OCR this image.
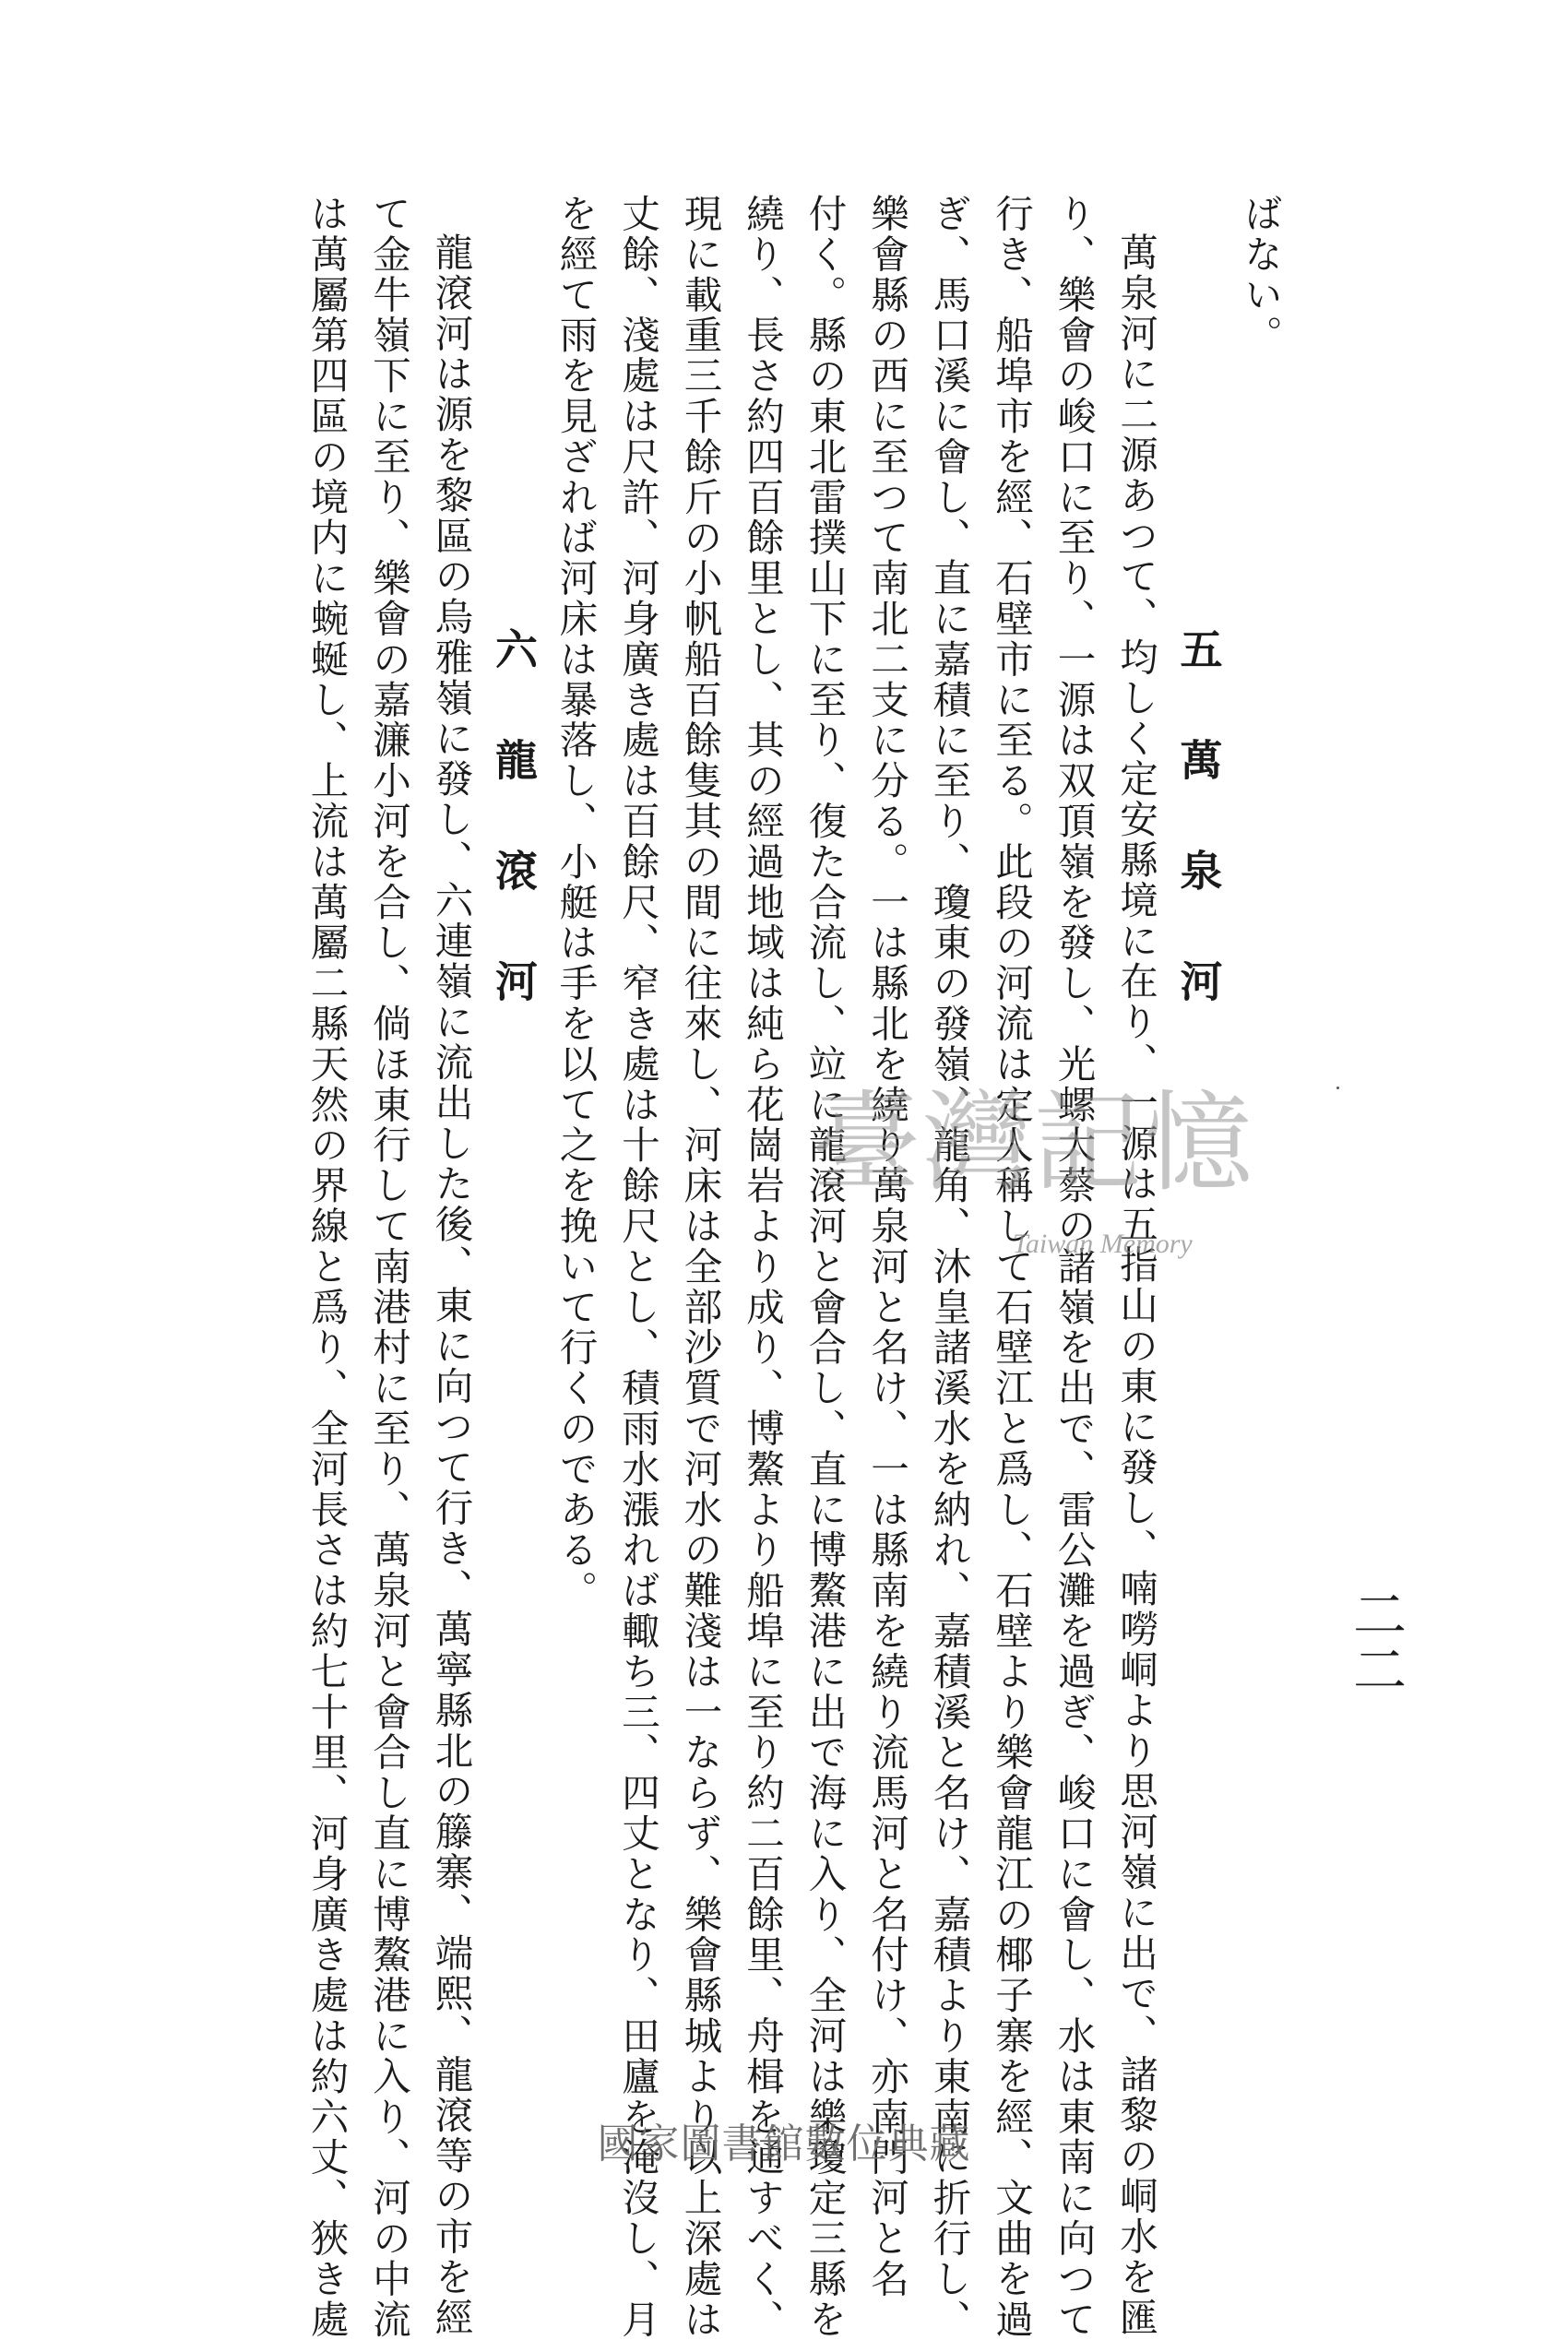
二二
ばない。
五萬泉河
萬泉河に二源あつて、均しく定安縣境に在り、一源は五指山の東に發し、喃嘮峒より思河嶺に出で、諸黎の峒水を匯
り、樂會の峻口に至り、一源は双頂嶺を發し、光螺大蔡の諸嶺を出で、雷公灘を過ぎ、峻口に會し、水は東南に向つて
行き、船埠市を經、石壁市に至る。此段の河流は定人稱して石壁江と爲し、石壁より樂會龍江の椰子寨を經、文曲を過
ぎ、馬口溪に會し、直に嘉積に至り、瓊東の發嶺、龍角、沐皇諸溪水を納れ、嘉積溪と名け、嘉積より東南に折行し、
樂會縣の西に至つて南北二支に分る。一は縣北を繞り萬泉河と名け、一は縣南を繞り流馬河と名付け、亦南門河と名
付く。縣の東北雷撲山下に至り、復た合流し、竝に龍滾河と會合し、直に博鰲港に出で海に入り、全河は樂瓊定三縣を
繞り、長さ約四百餘里とし、其の經過地域は純ら花崗岩より成り、博鰲より船埠に至り約二百餘里、舟楫を通すべく、
現に載重三千餘斤の小帆船百餘隻其の間に往來し、河床は全部沙質で河水の難淺は一ならず、樂會縣城より以上深處は
丈餘、淺處は尺許、河身廣き處は百餘尺、窄き處は十餘尺とし、積雨水漲れば輙ち三、四丈となり、田廬を淹沒し、月
を經て雨を見ざれば河床は暴落し、小艇は手を以て之を挽いて行くのである。
六龍滾河
龍滾河は源を黎區の烏雅嶺に發し、六連嶺に流出した後、東に向つて行き、萬寧縣北の籐寨、端熙、龍滾等の市を經
て金牛嶺下に至り、樂會の嘉濂小河を合し、倘ほ東行して南港村に至り、萬泉河と會合し直に博鰲港に入り、河の中流
は萬屬第四區の境内に蜿蜒し、上流は萬屬二縣天然の界線と爲り、全河長さは約七十里、河身廣き處は約六丈、狹き處	臺灣記憶
Taiwan Memory
國家圖書館數位典藏
